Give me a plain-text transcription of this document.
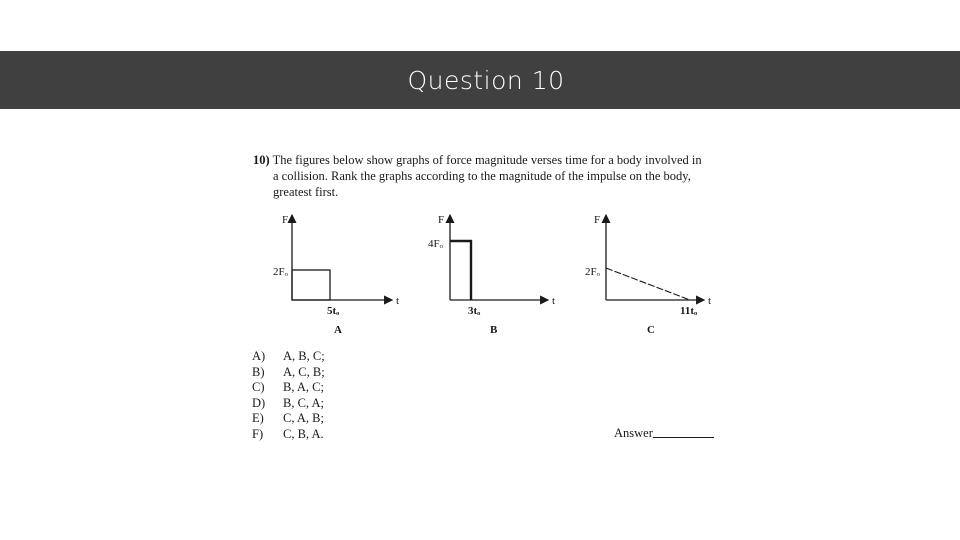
Question 10
10) The figures below show graphs of force magnitude verses time for a body involved in
a collision. Rank the graphs according to the magnitude of the impulse on the body,
greatest first.
F
t
2Fₒ
5tₒ
A
F
t
4Fₒ
3tₒ
B
F
t
2Fₒ
11tₒ
C
A)	A, B, C;
B)	A, C, B;
C)	B, A, C;
D)	B, C, A;
E)	C, A, B;
F)	C, B, A.	Answer
